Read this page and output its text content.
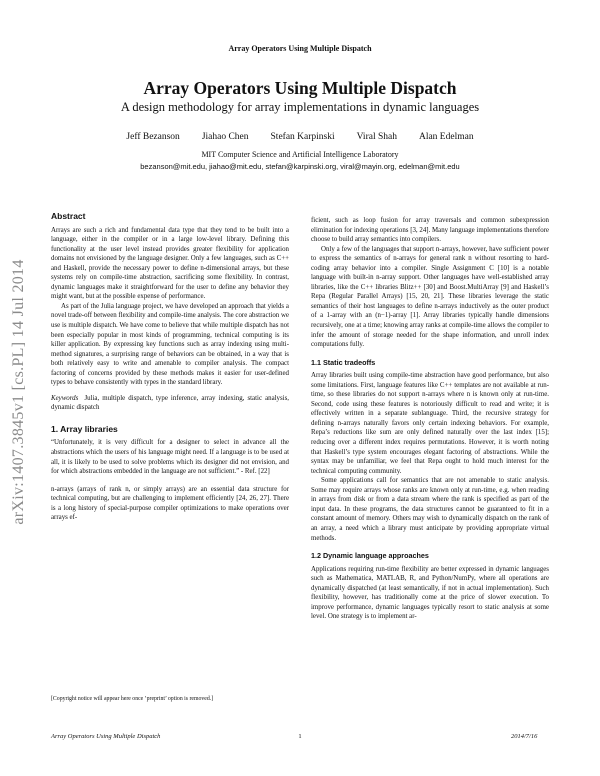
Array Operators Using Multiple Dispatch
Array Operators Using Multiple Dispatch
A design methodology for array implementations in dynamic languages
Jeff Bezanson Jiahao Chen Stefan Karpinski Viral Shah Alan Edelman
MIT Computer Science and Artificial Intelligence Laboratory
bezanson@mit.edu, jiahao@mit.edu, stefan@karpinski.org, viral@mayin.org, edelman@mit.edu
arXiv:1407.3845v1 [cs.PL] 14 Jul 2014
Abstract

Arrays are such a rich and fundamental data type that they tend to be built into a language, either in the compiler or in a large low-level library. Defining this functionality at the user level instead provides greater flexibility for application domains not envisioned by the language designer. Only a few languages, such as C++ and Haskell, provide the necessary power to define n-dimensional arrays, but these systems rely on compile-time abstraction, sacrificing some flexibility. In contrast, dynamic languages make it straightforward for the user to define any behavior they might want, but at the possible expense of performance.

As part of the Julia language project, we have developed an approach that yields a novel trade-off between flexibility and compile-time analysis. The core abstraction we use is multiple dispatch. We have come to believe that while multiple dispatch has not been especially popular in most kinds of programming, technical computing is its killer application. By expressing key functions such as array indexing using multi-method signatures, a surprising range of behaviors can be obtained, in a way that is both relatively easy to write and amenable to compiler analysis. The compact factoring of concerns provided by these methods makes it easier for user-defined types to behave consistently with types in the standard library.

Keywords Julia, multiple dispatch, type inference, array indexing, static analysis, dynamic dispatch

1. Array libraries

“Unfortunately, it is very difficult for a designer to select in advance all the abstractions which the users of his language might need. If a language is to be used at all, it is likely to be used to solve problems which its designer did not envision, and for which abstractions embedded in the language are not sufficient.” - Ref. [22]

n-arrays (arrays of rank n, or simply arrays) are an essential data structure for technical computing, but are challenging to implement efficiently [24, 26, 27]. There is a long history of special-purpose compiler optimizations to make operations over arrays ef-

ficient, such as loop fusion for array traversals and common subexpression elimination for indexing operations [3, 24]. Many language implementations therefore choose to build array semantics into compilers.

Only a few of the languages that support n-arrays, however, have sufficient power to express the semantics of n-arrays for general rank n without resorting to hard-coding array behavior into a compiler. Single Assignment C [10] is a notable language with built-in n-array support. Other languages have well-established array libraries, like the C++ libraries Blitz++ [30] and Boost.MultiArray [9] and Haskell’s Repa (Regular Parallel Arrays) [15, 20, 21]. These libraries leverage the static semantics of their host languages to define n-arrays inductively as the outer product of a 1-array with an (n−1)-array [1]. Array libraries typically handle dimensions recursively, one at a time; knowing array ranks at compile-time allows the compiler to infer the amount of storage needed for the shape information, and unroll index computations fully.

1.1 Static tradeoffs

Array libraries built using compile-time abstraction have good performance, but also some limitations. First, language features like C++ templates are not available at run-time, so these libraries do not support n-arrays where n is known only at run-time. Second, code using these features is notoriously difficult to read and write; it is effectively written in a separate sublanguage. Third, the recursive strategy for defining n-arrays naturally favors only certain indexing behaviors. For example, Repa’s reductions like sum are only defined naturally over the last index [15]; reducing over a different index requires permutations. However, it is worth noting that Haskell’s type system encourages elegant factoring of abstractions. While the syntax may be unfamiliar, we feel that Repa ought to hold much interest for the technical computing community.

Some applications call for semantics that are not amenable to static analysis. Some may require arrays whose ranks are known only at run-time, e.g. when reading in arrays from disk or from a data stream where the rank is specified as part of the input data. In these programs, the data structures cannot be guaranteed to fit in a constant amount of memory. Others may wish to dynamically dispatch on the rank of an array, a need which a library must anticipate by providing appropriate virtual methods.

1.2 Dynamic language approaches

Applications requiring run-time flexibility are better expressed in dynamic languages such as Mathematica, MATLAB, R, and Python/NumPy, where all operations are dynamically dispatched (at least semantically, if not in actual implementation). Such flexibility, however, has traditionally come at the price of slower execution. To improve performance, dynamic languages typically resort to static analysis at some level. One strategy is to implement ar-

[Copyright notice will appear here once ’preprint’ option is removed.]
Array Operators Using Multiple Dispatch	1	2014/7/16
